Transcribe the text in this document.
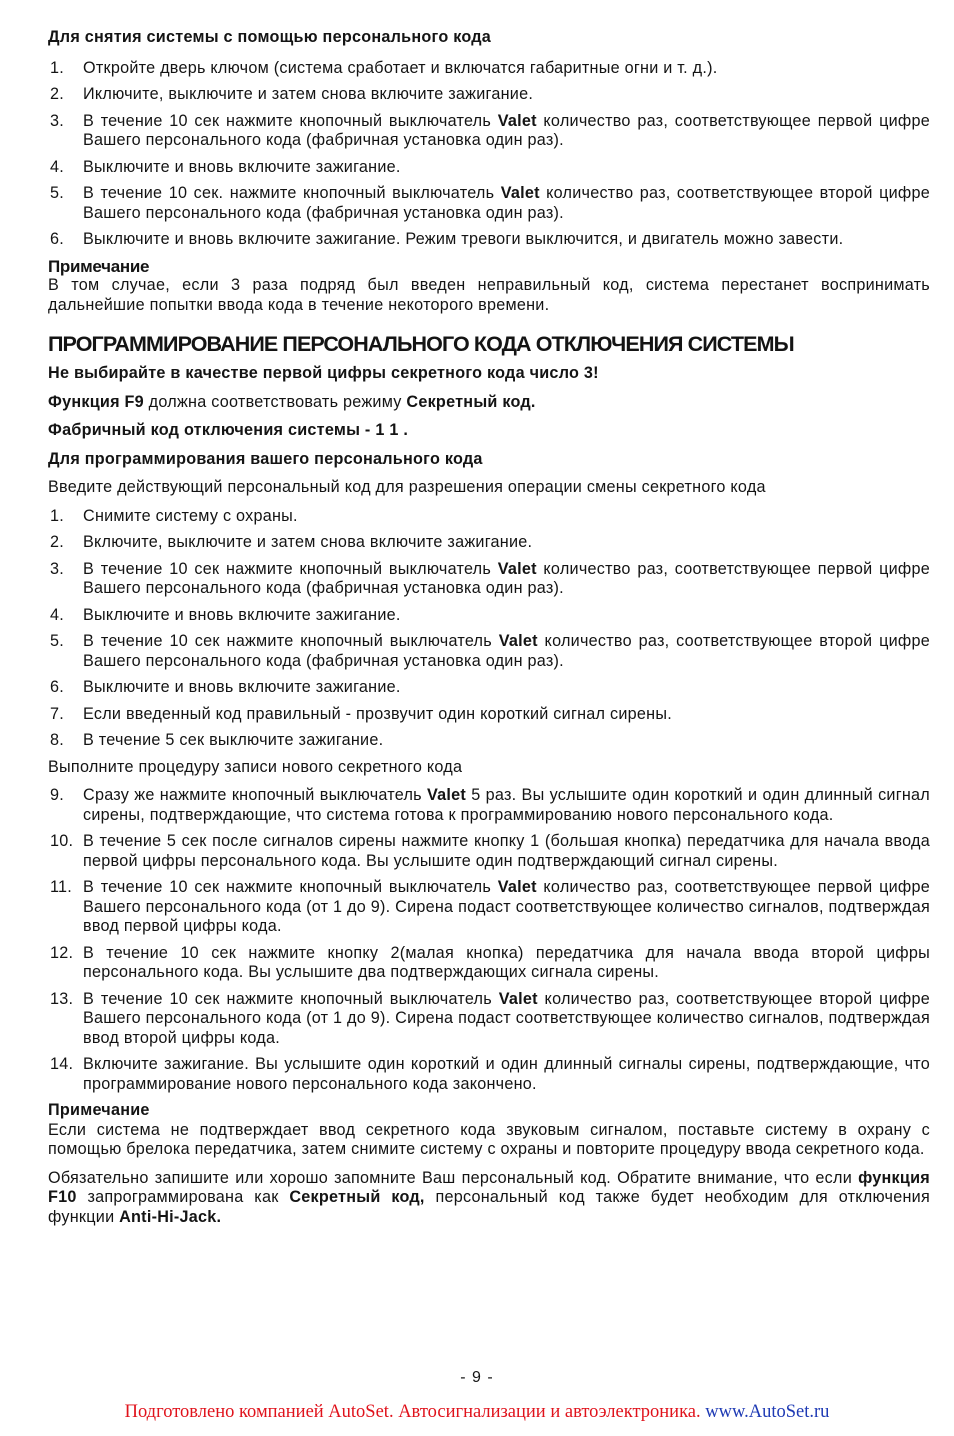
Для снятия системы с помощью персонального кода
1.	Откройте дверь ключом (система сработает и включатся габаритные огни и т. д.).
2.	Иключите, выключите и затем снова включите зажигание.
3.	В течение 10 сек нажмите кнопочный выключатель Valet количество раз, соответствующее первой цифре Вашего персонального кода (фабричная установка один раз).
4.	Выключите и вновь включите зажигание.
5.	В течение 10 сек. нажмите кнопочный выключатель Valet количество раз, соответствующее второй цифре Вашего персонального кода (фабричная установка один раз).
6.	Выключите и вновь включите зажигание. Режим тревоги выключится, и двигатель можно завести.
Примечание
В том случае, если 3 раза подряд был введен неправильный код, система перестанет воспринимать дальнейшие попытки ввода кода в течение некоторого времени.
ПРОГРАММИРОВАНИЕ ПЕРСОНАЛЬНОГО КОДА ОТКЛЮЧЕНИЯ СИСТЕМЫ
Не выбирайте в качестве первой цифры секретного кода число 3!
Функция F9 должна соответствовать режиму Секретный код.
Фабричный код отключения системы - 1 1 .
Для программирования вашего персонального кода
Введите действующий персональный код для разрешения операции смены секретного кода
1.	Снимите систему с охраны.
2.	Включите, выключите и затем снова включите зажигание.
3.	В течение 10 сек нажмите кнопочный выключатель Valet количество раз, соответствующее первой цифре Вашего персонального кода (фабричная установка один раз).
4.	Выключите и вновь включите зажигание.
5.	В течение 10 сек нажмите кнопочный выключатель Valet количество раз, соответствующее второй цифре Вашего персонального кода (фабричная установка один раз).
6.	Выключите и вновь включите зажигание.
7.	Если введенный код правильный - прозвучит один короткий сигнал сирены.
8.	В течение 5 сек выключите зажигание.
Выполните процедуру записи нового секретного кода
9.	Сразу же нажмите кнопочный выключатель Valet 5 раз. Вы услышите один короткий и один длинный сигнал сирены, подтверждающие, что система готова к программированию нового персонального кода.
10. В течение 5 сек после сигналов сирены нажмите кнопку 1 (большая кнопка) передатчика для начала ввода первой цифры персонального кода. Вы услышите один подтверждающий сигнал сирены.
11. В течение 10 сек нажмите кнопочный выключатель Valet количество раз, соответствующее первой цифре Вашего персонального кода (от 1 до 9). Сирена подаст соответствующее количество сигналов, подтверждая ввод первой цифры кода.
12. В течение 10 сек нажмите кнопку 2(малая кнопка) передатчика для начала ввода второй цифры персонального кода. Вы услышите два подтверждающих сигнала сирены.
13. В течение 10 сек нажмите кнопочный выключатель Valet количество раз, соответствующее второй цифре Вашего персонального кода (от 1 до 9). Сирена подаст соответствующее количество сигналов, подтверждая ввод второй цифры кода.
14. Включите зажигание. Вы услышите один короткий и один длинный сигналы сирены, подтверждающие, что программирование нового персонального кода закончено.
Примечание
Если система не подтверждает ввод секретного кода звуковым сигналом, поставьте систему в охрану с помощью брелока передатчика, затем снимите систему с охраны и повторите процедуру ввода секретного кода.
Обязательно запишите или хорошо запомните Ваш персональный код. Обратите внимание, что если функция F10 запрограммирована как Секретный код, персональный код также будет необходим для отключения функции Anti-Hi-Jack.
- 9 -
Подготовлено компанией AutoSet. Автосигнализации и автоэлектроника. www.AutoSet.ru
